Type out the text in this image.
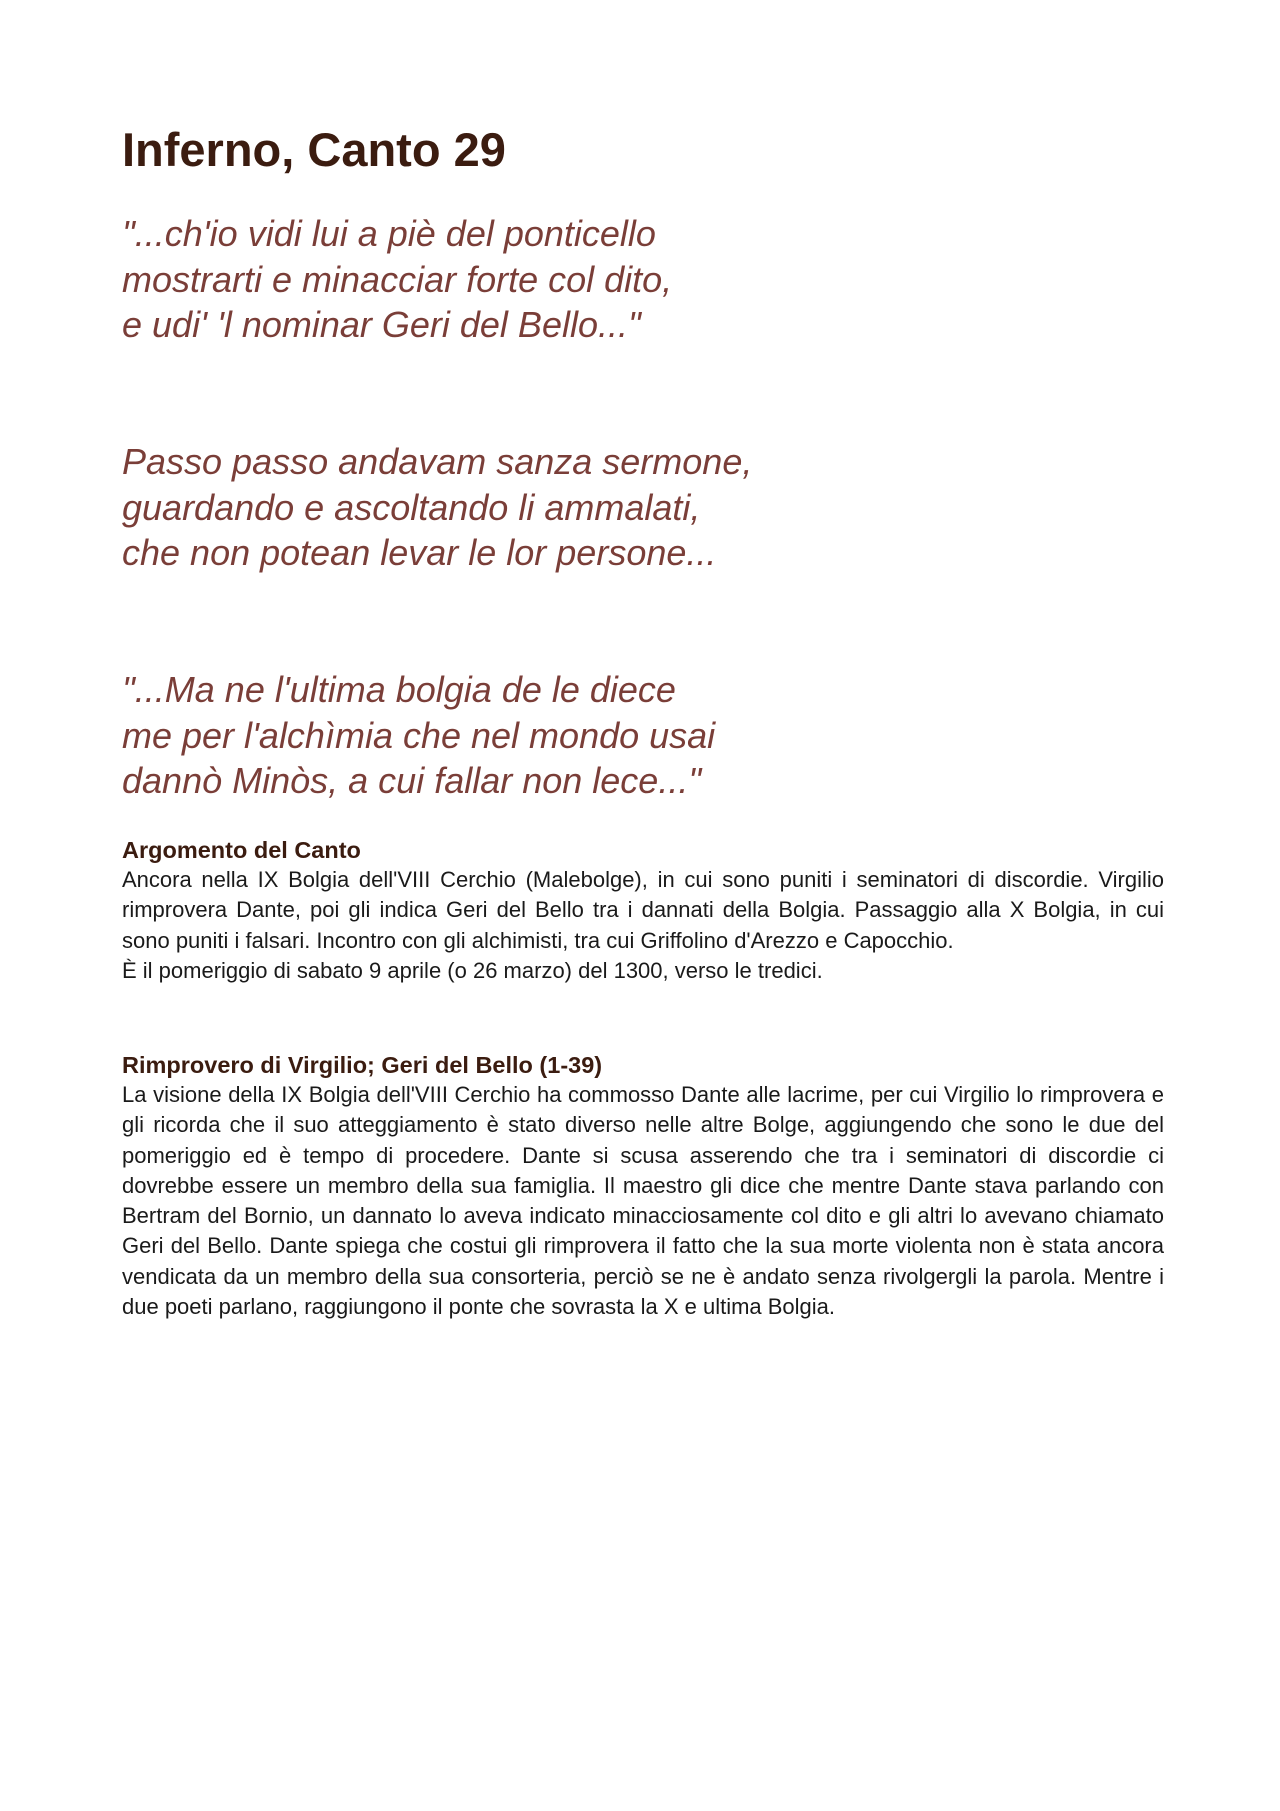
Inferno, Canto 29
"...ch'io vidi lui a piè del ponticello
mostrarti e minacciar forte col dito,
e udi' 'l nominar Geri del Bello..."
Passo passo andavam sanza sermone,
guardando e ascoltando li ammalati,
che non potean levar le lor persone...
"...Ma ne l'ultima bolgia de le diece
me per l'alchìmia che nel mondo usai
dannò Minòs, a cui fallar non lece..."
Argomento del Canto

Ancora nella IX Bolgia dell'VIII Cerchio (Malebolge), in cui sono puniti i seminatori di discordie. Virgilio rimprovera Dante, poi gli indica Geri del Bello tra i dannati della Bolgia. Passaggio alla X Bolgia, in cui sono puniti i falsari. Incontro con gli alchimisti, tra cui Griffolino d'Arezzo e Capocchio.

È il pomeriggio di sabato 9 aprile (o 26 marzo) del 1300, verso le tredici.

Rimprovero di Virgilio; Geri del Bello (1-39)

La visione della IX Bolgia dell'VIII Cerchio ha commosso Dante alle lacrime, per cui Virgilio lo rimprovera e gli ricorda che il suo atteggiamento è stato diverso nelle altre Bolge, aggiungendo che sono le due del pomeriggio ed è tempo di procedere. Dante si scusa asserendo che tra i seminatori di discordie ci dovrebbe essere un membro della sua famiglia. Il maestro gli dice che mentre Dante stava parlando con Bertram del Bornio, un dannato lo aveva indicato minacciosamente col dito e gli altri lo avevano chiamato Geri del Bello. Dante spiega che costui gli rimprovera il fatto che la sua morte violenta non è stata ancora vendicata da un membro della sua consorteria, perciò se ne è andato senza rivolgergli la parola. Mentre i due poeti parlano, raggiungono il ponte che sovrasta la X e ultima Bolgia.
